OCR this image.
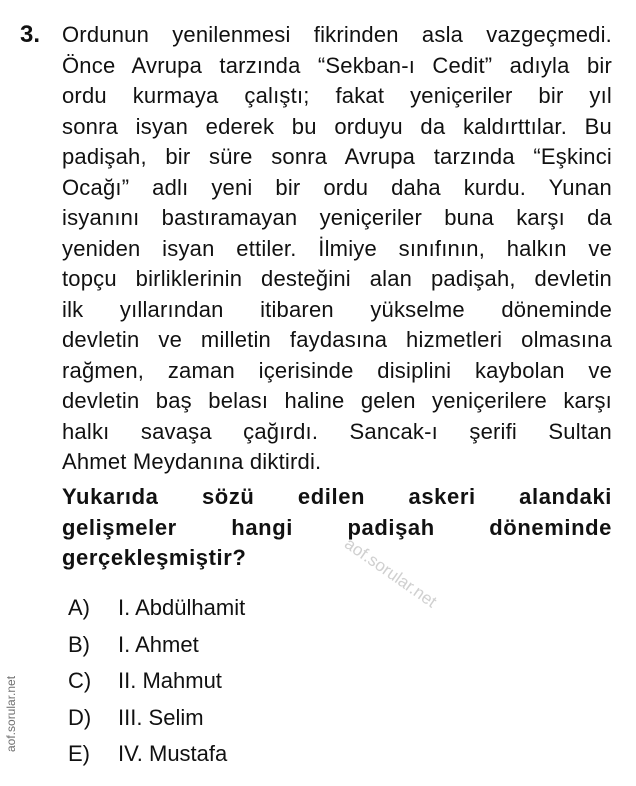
3. Ordunun yenilenmesi fikrinden asla vazgeçmedi.
Önce Avrupa tarzında “Sekban-ı Cedit” adıyla bir
ordu kurmaya çalıştı; fakat yeniçeriler bir yıl
sonra isyan ederek bu orduyu da kaldırttılar. Bu
padişah, bir süre sonra Avrupa tarzında “Eşkinci
Ocağı” adlı yeni bir ordu daha kurdu. Yunan
isyanını bastıramayan yeniçeriler buna karşı da
yeniden isyan ettiler. İlmiye sınıfının, halkın ve
topçu birliklerinin desteğini alan padişah, devletin
ilk yıllarından itibaren yükselme döneminde
devletin ve milletin faydasına hizmetleri olmasına
rağmen, zaman içerisinde disiplini kaybolan ve
devletin baş belası haline gelen yeniçerilere karşı
halkı savaşa çağırdı. Sancak-ı şerifi Sultan
Ahmet Meydanına diktirdi.
aof.sorular.net
Yukarıda sözü edilen askeri alandaki
gelişmeler hangi padişah döneminde
gerçekleşmiştir?
A)	I. Abdülhamit
B)	I. Ahmet
C)	II. Mahmut
D)	III. Selim
E)	IV. Mustafa
aof.sorular.net
